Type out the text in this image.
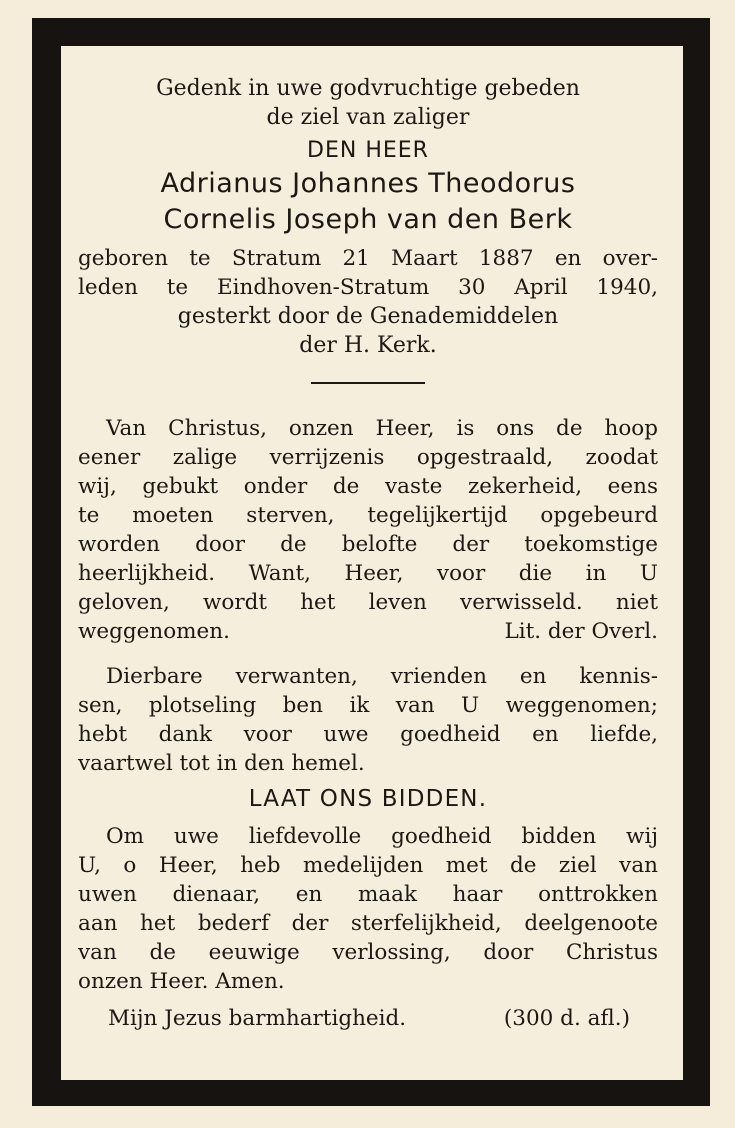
Gedenk in uwe godvruchtige gebeden

de ziel van zaliger

DEN HEER

Adrianus Johannes Theodorus

Cornelis Joseph van den Berk

geboren te Stratum 21 Maart 1887 en over-

leden te Eindhoven-Stratum 30 April 1940,

gesterkt door de Genademiddelen

der H. Kerk.

Van Christus, onzen Heer, is ons de hoop

eener zalige verrijzenis opgestraald, zoodat

wij, gebukt onder de vaste zekerheid, eens

te moeten sterven, tegelijkertijd opgebeurd

worden door de belofte der toekomstige

heerlijkheid. Want, Heer, voor die in U

geloven, wordt het leven verwisseld. niet

weggenomen.	Lit. der Overl.

Dierbare verwanten, vrienden en kennis-

sen, plotseling ben ik van U weggenomen;

hebt dank voor uwe goedheid en liefde,

vaartwel tot in den hemel.

LAAT ONS BIDDEN.

Om uwe liefdevolle goedheid bidden wij

U, o Heer, heb medelijden met de ziel van

uwen dienaar, en maak haar onttrokken

aan het bederf der sterfelijkheid, deelgenoote

van de eeuwige verlossing, door Christus

onzen Heer. Amen.

Mijn Jezus barmhartigheid.	(300 d. afl.)
